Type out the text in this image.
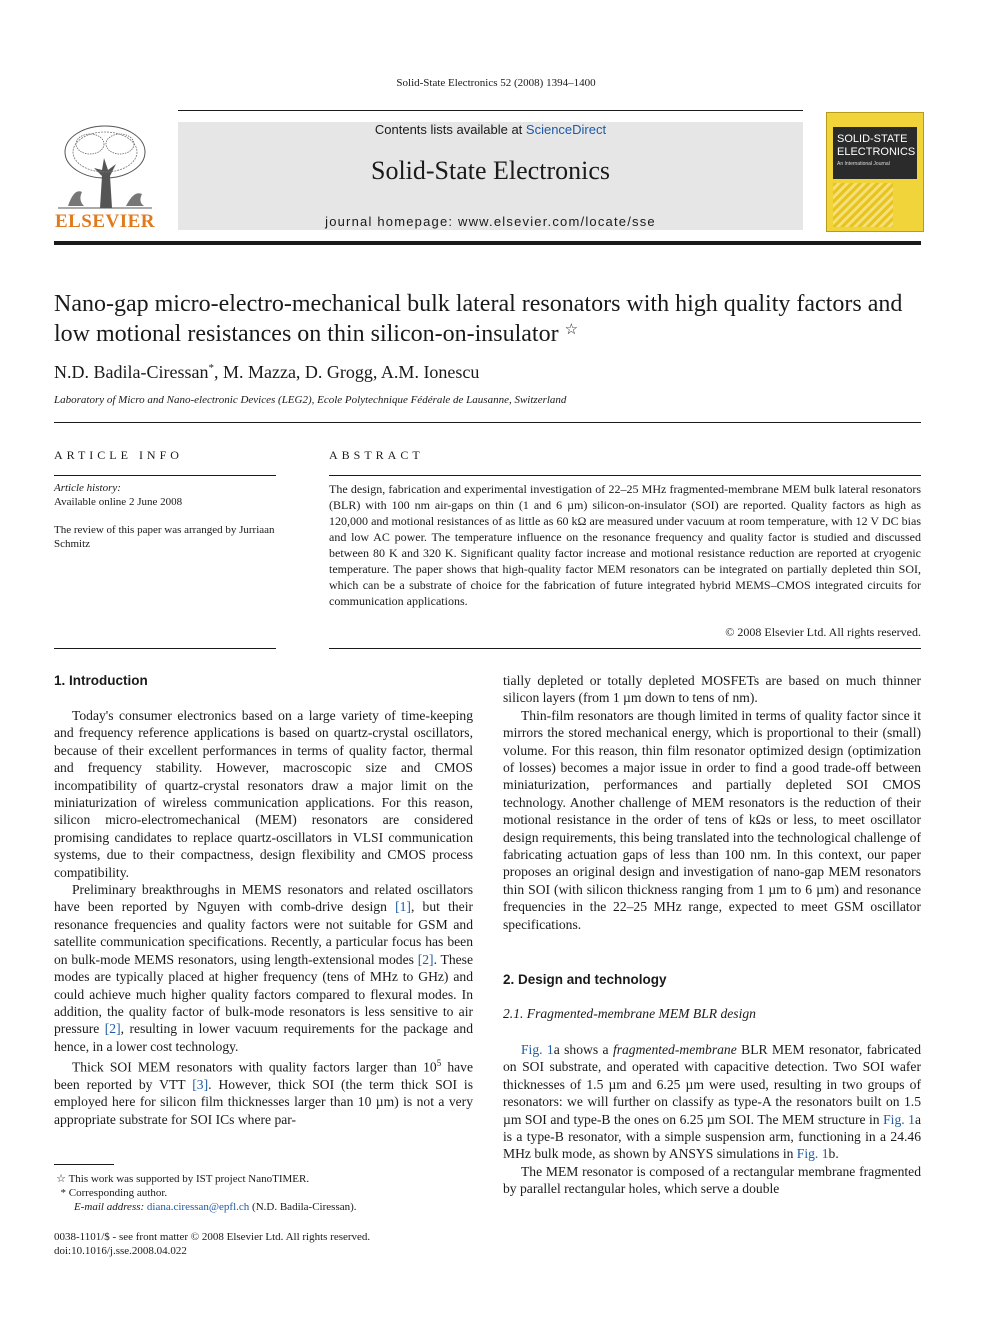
Solid-State Electronics 52 (2008) 1394–1400
ELSEVIER
Contents lists available at ScienceDirect
Solid-State Electronics
journal homepage: www.elsevier.com/locate/sse
SOLID-STATE ELECTRONICS
An International Journal
Nano-gap micro-electro-mechanical bulk lateral resonators with high quality factors and low motional resistances on thin silicon-on-insulator ☆
N.D. Badila-Ciressan*, M. Mazza, D. Grogg, A.M. Ionescu
Laboratory of Micro and Nano-electronic Devices (LEG2), Ecole Polytechnique Fédérale de Lausanne, Switzerland
ARTICLE INFO
Article history:
Available online 2 June 2008
The review of this paper was arranged by Jurriaan Schmitz
ABSTRACT
The design, fabrication and experimental investigation of 22–25 MHz fragmented-membrane MEM bulk lateral resonators (BLR) with 100 nm air-gaps on thin (1 and 6 µm) silicon-on-insulator (SOI) are reported. Quality factors as high as 120,000 and motional resistances of as little as 60 kΩ are measured under vacuum at room temperature, with 12 V DC bias and low AC power. The temperature influence on the resonance frequency and quality factor is studied and discussed between 80 K and 320 K. Significant quality factor increase and motional resistance reduction are reported at cryogenic temperature. The paper shows that high-quality factor MEM resonators can be integrated on partially depleted thin SOI, which can be a substrate of choice for the fabrication of future integrated hybrid MEMS–CMOS integrated circuits for communication applications.
© 2008 Elsevier Ltd. All rights reserved.
1. Introduction

Today's consumer electronics based on a large variety of time-keeping and frequency reference applications is based on quartz-crystal oscillators, because of their excellent performances in terms of quality factor, thermal and frequency stability. However, macroscopic size and CMOS incompatibility of quartz-crystal resonators draw a major limit on the miniaturization of wireless communication applications. For this reason, silicon micro-electromechanical (MEM) resonators are considered promising candidates to replace quartz-oscillators in VLSI communication systems, due to their compactness, design flexibility and CMOS process compatibility.

Preliminary breakthroughs in MEMS resonators and related oscillators have been reported by Nguyen with comb-drive design [1], but their resonance frequencies and quality factors were not suitable for GSM and satellite communication specifications. Recently, a particular focus has been on bulk-mode MEMS resonators, using length-extensional modes [2]. These modes are typically placed at higher frequency (tens of MHz to GHz) and could achieve much higher quality factors compared to flexural modes. In addition, the quality factor of bulk-mode resonators is less sensitive to air pressure [2], resulting in lower vacuum requirements for the package and hence, in a lower cost technology.

Thick SOI MEM resonators with quality factors larger than $10^5$ have been reported by VTT [3]. However, thick SOI (the term thick SOI is employed here for silicon film thicknesses larger than 10 µm) is not a very appropriate substrate for SOI ICs where par-

☆ This work was supported by IST project NanoTIMER.
* Corresponding author.
E-mail address: diana.ciressan@epfl.ch (N.D. Badila-Ciressan).
0038-1101/$ - see front matter © 2008 Elsevier Ltd. All rights reserved.
doi:10.1016/j.sse.2008.04.022

tially depleted or totally depleted MOSFETs are based on much thinner silicon layers (from 1 µm down to tens of nm).

Thin-film resonators are though limited in terms of quality factor since it mirrors the stored mechanical energy, which is proportional to their (small) volume. For this reason, thin film resonator optimized design (optimization of losses) becomes a major issue in order to find a good trade-off between miniaturization, performances and partially depleted SOI CMOS technology. Another challenge of MEM resonators is the reduction of their motional resistance in the order of tens of kΩs or less, to meet oscillator design requirements, this being translated into the technological challenge of fabricating actuation gaps of less than 100 nm. In this context, our paper proposes an original design and investigation of nano-gap MEM resonators thin SOI (with silicon thickness ranging from 1 µm to 6 µm) and resonance frequencies in the 22–25 MHz range, expected to meet GSM oscillator specifications.

2. Design and technology
2.1. Fragmented-membrane MEM BLR design

Fig. 1a shows a fragmented-membrane BLR MEM resonator, fabricated on SOI substrate, and operated with capacitive detection. Two SOI wafer thicknesses of 1.5 µm and 6.25 µm were used, resulting in two groups of resonators: we will further on classify as type-A the resonators built on 1.5 µm SOI and type-B the ones on 6.25 µm SOI. The MEM structure in Fig. 1a is a type-B resonator, with a simple suspension arm, functioning in a 24.46 MHz bulk mode, as shown by ANSYS simulations in Fig. 1b.

The MEM resonator is composed of a rectangular membrane fragmented by parallel rectangular holes, which serve a double
